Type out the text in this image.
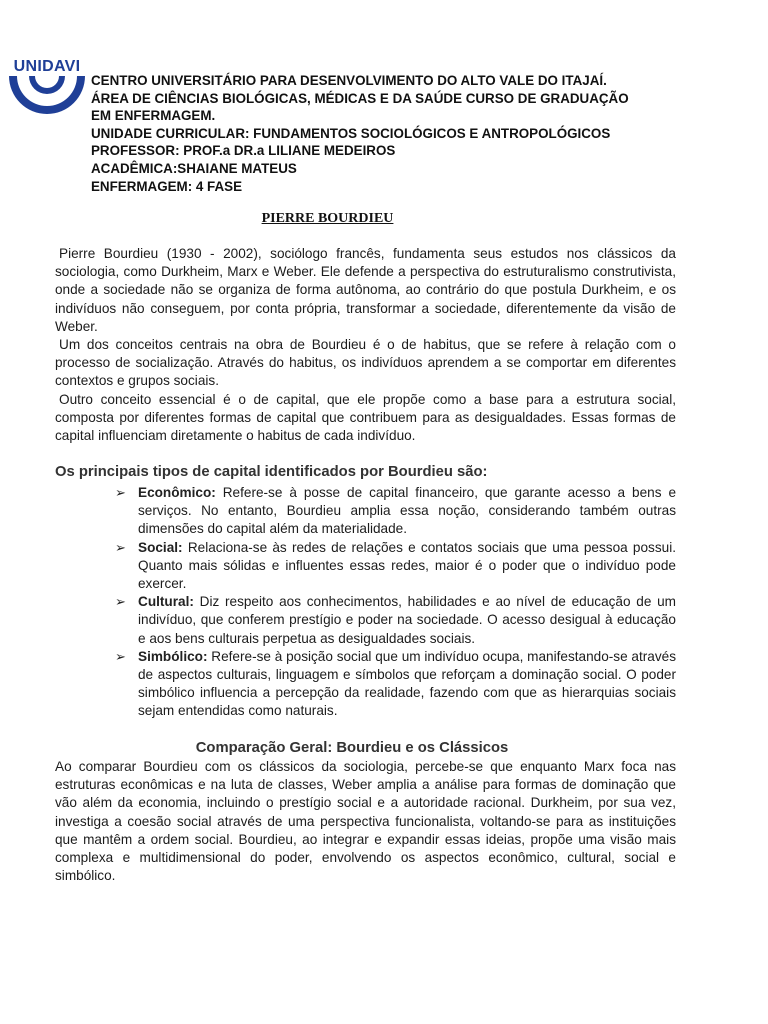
UNIDAVI
CENTRO UNIVERSITÁRIO PARA DESENVOLVIMENTO DO ALTO VALE DO ITAJAÍ.
ÁREA DE CIÊNCIAS BIOLÓGICAS, MÉDICAS E DA SAÚDE CURSO DE GRADUAÇÃO
EM ENFERMAGEM.
UNIDADE CURRICULAR: FUNDAMENTOS SOCIOLÓGICOS E ANTROPOLÓGICOS
PROFESSOR: PROF.a DR.a LILIANE MEDEIROS
ACADÊMICA:SHAIANE MATEUS
ENFERMAGEM: 4 FASE
PIERRE BOURDIEU

Pierre Bourdieu (1930 - 2002), sociólogo francês, fundamenta seus estudos nos clássicos da sociologia, como Durkheim, Marx e Weber. Ele defende a perspectiva do estruturalismo construtivista, onde a sociedade não se organiza de forma autônoma, ao contrário do que postula Durkheim, e os indivíduos não conseguem, por conta própria, transformar a sociedade, diferentemente da visão de Weber.

Um dos conceitos centrais na obra de Bourdieu é o de habitus, que se refere à relação com o processo de socialização. Através do habitus, os indivíduos aprendem a se comportar em diferentes contextos e grupos sociais.

Outro conceito essencial é o de capital, que ele propõe como a base para a estrutura social, composta por diferentes formas de capital que contribuem para as desigualdades. Essas formas de capital influenciam diretamente o habitus de cada indivíduo.

Os principais tipos de capital identificados por Bourdieu são:
➢ Econômico: Refere-se à posse de capital financeiro, que garante acesso a bens e serviços. No entanto, Bourdieu amplia essa noção, considerando também outras dimensões do capital além da materialidade.
➢ Social: Relaciona-se às redes de relações e contatos sociais que uma pessoa possui. Quanto mais sólidas e influentes essas redes, maior é o poder que o indivíduo pode exercer.
➢ Cultural: Diz respeito aos conhecimentos, habilidades e ao nível de educação de um indivíduo, que conferem prestígio e poder na sociedade. O acesso desigual à educação e aos bens culturais perpetua as desigualdades sociais.
➢ Simbólico: Refere-se à posição social que um indivíduo ocupa, manifestando-se através de aspectos culturais, linguagem e símbolos que reforçam a dominação social. O poder simbólico influencia a percepção da realidade, fazendo com que as hierarquias sociais sejam entendidas como naturais.
Comparação Geral: Bourdieu e os Clássicos

Ao comparar Bourdieu com os clássicos da sociologia, percebe-se que enquanto Marx foca nas estruturas econômicas e na luta de classes, Weber amplia a análise para formas de dominação que vão além da economia, incluindo o prestígio social e a autoridade racional. Durkheim, por sua vez, investiga a coesão social através de uma perspectiva funcionalista, voltando-se para as instituições que mantêm a ordem social. Bourdieu, ao integrar e expandir essas ideias, propõe uma visão mais complexa e multidimensional do poder, envolvendo os aspectos econômico, cultural, social e simbólico.
